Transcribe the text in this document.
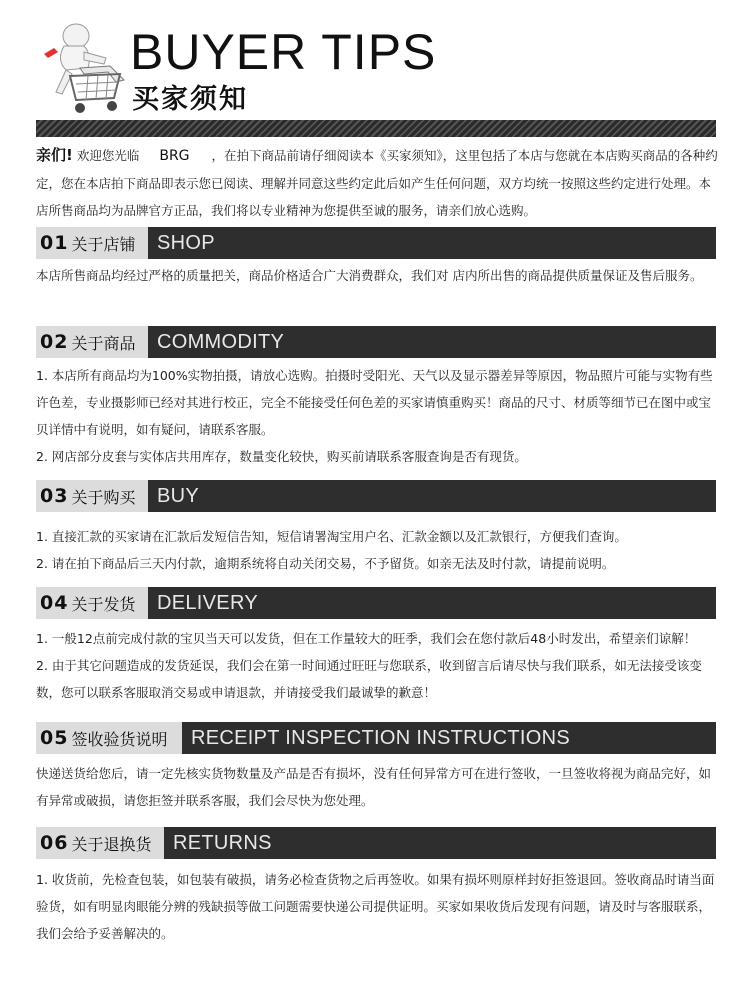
BUYER TIPS
买家须知

亲们! 欢迎您光临 BRG ，在拍下商品前请仔细阅读本《买家须知》，这里包括了本店与您就在本店购买商品的各种约定，您在本店拍下商品即表示您已阅读、理解并同意这些约定此后如产生任何问题，双方均统一按照这些约定进行处理。本店所售商品均为品牌官方正品，我们将以专业精神为您提供至诚的服务，请亲们放心选购。

01 关于店铺 SHOP

本店所售商品均经过严格的质量把关，商品价格适合广大消费群众，我们对 店内所出售的商品提供质量保证及售后服务。

02 关于商品 COMMODITY

1. 本店所有商品均为100%实物拍摄，请放心选购。拍摄时受阳光、天气以及显示器差异等原因，物品照片可能与实物有些许色差，专业摄影师已经对其进行校正，完全不能接受任何色差的买家请慎重购买！商品的尺寸、材质等细节已在图中或宝贝详情中有说明，如有疑问，请联系客服。

2. 网店部分皮套与实体店共用库存，数量变化较快，购买前请联系客服查询是否有现货。

03 关于购买 BUY

1. 直接汇款的买家请在汇款后发短信告知，短信请署淘宝用户名、汇款金额以及汇款银行，方便我们查询。

2. 请在拍下商品后三天内付款，逾期系统将自动关闭交易，不予留货。如亲无法及时付款，请提前说明。

04 关于发货 DELIVERY

1. 一般12点前完成付款的宝贝当天可以发货，但在工作量较大的旺季，我们会在您付款后48小时发出，希望亲们谅解！

2. 由于其它问题造成的发货延误，我们会在第一时间通过旺旺与您联系，收到留言后请尽快与我们联系，如无法接受该变数，您可以联系客服取消交易或申请退款，并请接受我们最诚挚的歉意！

05 签收验货说明 RECEIPT INSPECTION INSTRUCTIONS

快递送货给您后，请一定先核实货物数量及产品是否有损坏，没有任何异常方可在进行签收，一旦签收将视为商品完好，如有异常或破损，请您拒签并联系客服，我们会尽快为您处理。

06 关于退换货 RETURNS

1. 收货前，先检查包装，如包装有破损，请务必检查货物之后再签收。如果有损坏则原样封好拒签退回。签收商品时请当面验货，如有明显肉眼能分辨的残缺损等做工问题需要快递公司提供证明。买家如果收货后发现有问题，请及时与客服联系，我们会给予妥善解决的。
